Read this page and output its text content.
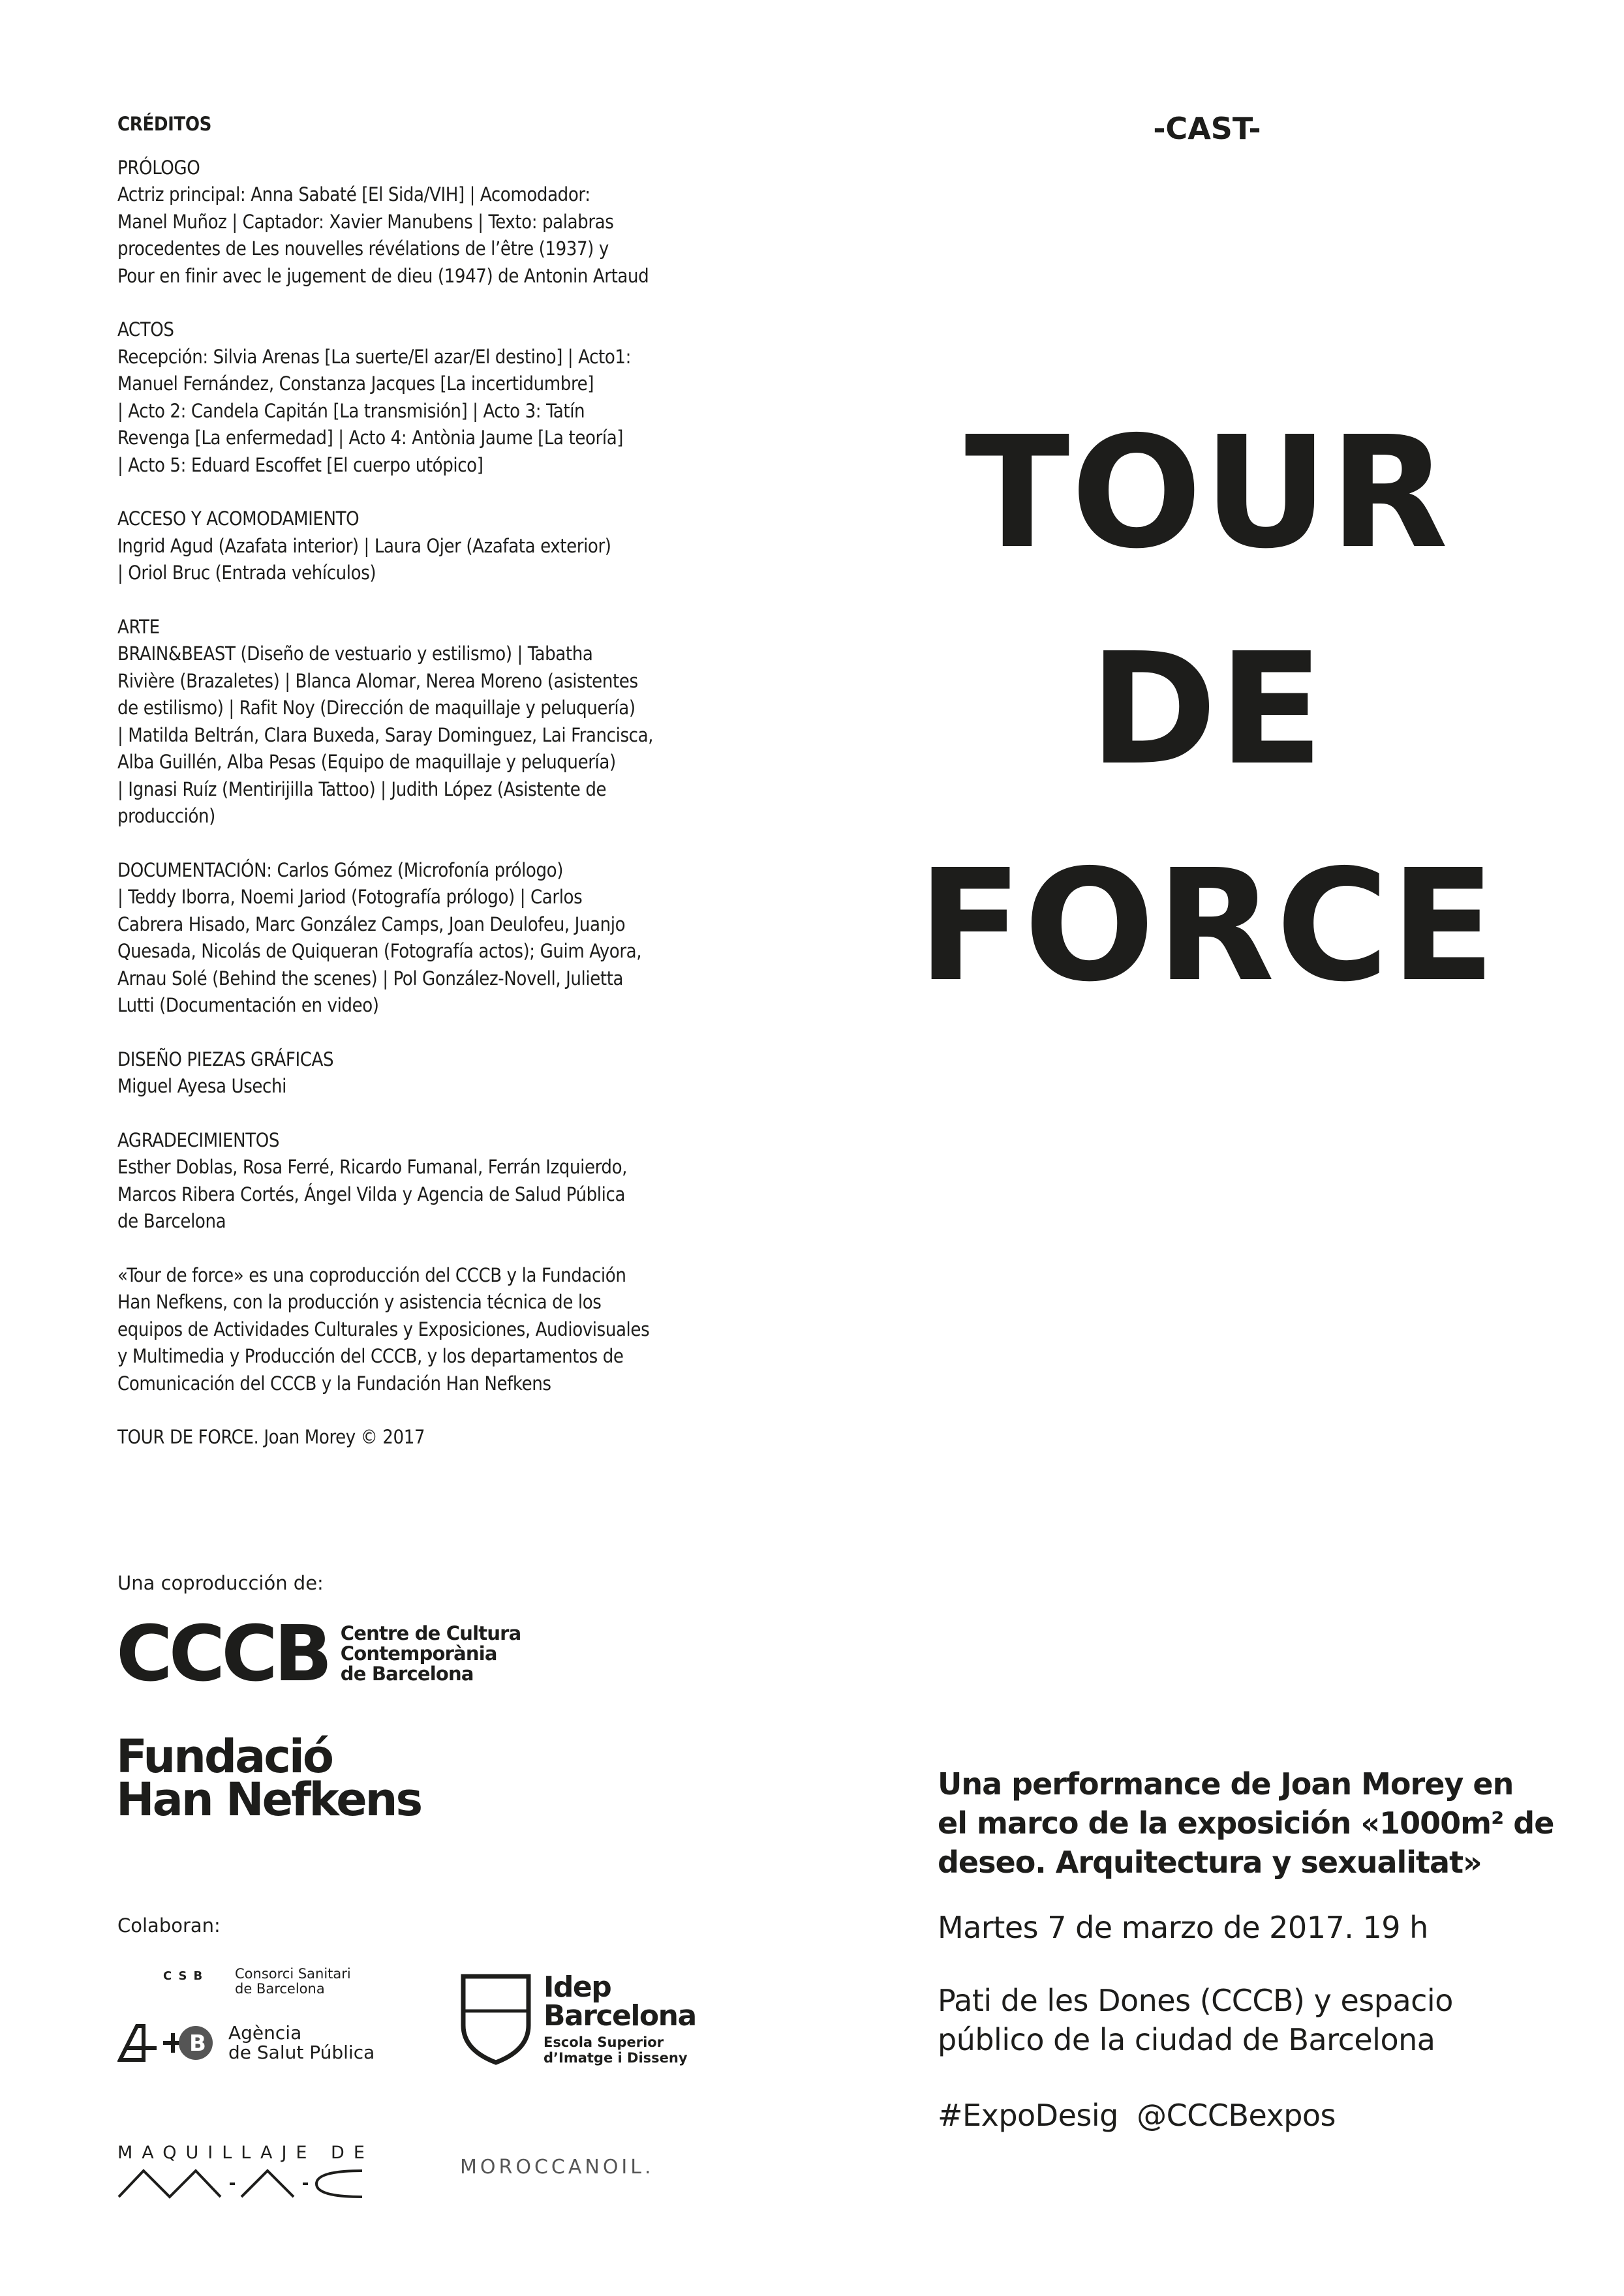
CRÉDITOS

PRÓLOGO

Actriz principal: Anna Sabaté [El Sida/VIH] | Acomodador:

Manel Muñoz | Captador: Xavier Manubens | Texto: palabras

procedentes de Les nouvelles révélations de l’être (1937) y

Pour en finir avec le jugement de dieu (1947) de Antonin Artaud

ACTOS

Recepción: Silvia Arenas [La suerte/El azar/El destino] | Acto1:

Manuel Fernández, Constanza Jacques [La incertidumbre]

| Acto 2: Candela Capitán [La transmisión] | Acto 3: Tatín

Revenga [La enfermedad] | Acto 4: Antònia Jaume [La teoría]

| Acto 5: Eduard Escoffet [El cuerpo utópico]

ACCESO Y ACOMODAMIENTO

Ingrid Agud (Azafata interior) | Laura Ojer (Azafata exterior)

| Oriol Bruc (Entrada vehículos)

ARTE

BRAIN&BEAST (Diseño de vestuario y estilismo) | Tabatha

Rivière (Brazaletes) | Blanca Alomar, Nerea Moreno (asistentes

de estilismo) | Rafit Noy (Dirección de maquillaje y peluquería)

| Matilda Beltrán, Clara Buxeda, Saray Dominguez, Lai Francisca,

Alba Guillén, Alba Pesas (Equipo de maquillaje y peluquería)

| Ignasi Ruíz (Mentirijilla Tattoo) | Judith López (Asistente de

producción)

DOCUMENTACIÓN: Carlos Gómez (Microfonía prólogo)

| Teddy Iborra, Noemi Jariod (Fotografía prólogo) | Carlos

Cabrera Hisado, Marc González Camps, Joan Deulofeu, Juanjo

Quesada, Nicolás de Quiqueran (Fotografía actos); Guim Ayora,

Arnau Solé (Behind the scenes) | Pol González-Novell, Julietta

Lutti (Documentación en video)

DISEÑO PIEZAS GRÁFICAS

Miguel Ayesa Usechi

AGRADECIMIENTOS

Esther Doblas, Rosa Ferré, Ricardo Fumanal, Ferrán Izquierdo,

Marcos Ribera Cortés, Ángel Vilda y Agencia de Salud Pública

de Barcelona

«Tour de force» es una coproducción del CCCB y la Fundación

Han Nefkens, con la producción y asistencia técnica de los

equipos de Actividades Culturales y Exposiciones, Audiovisuales

y Multimedia y Producción del CCCB, y los departamentos de

Comunicación del CCCB y la Fundación Han Nefkens

TOUR DE FORCE. Joan Morey © 2017

-CAST-
TOUR
DE
FORCE
Una coproducción de:
CCCB Centre de Cultura
Contemporània
de Barcelona
Fundació
Han Nefkens
Colaboran:
CSB	Consorci Sanitari
de Barcelona
B Agència
de Salut Pública
Idep
Barcelona
Escola Superior
d’Imatge i Disseny
MAQUILLAJE DE
MOROCCANOIL.
Una performance de Joan Morey en
el marco de la exposición «1000m² de
deseo. Arquitectura y sexualitat»
Martes 7 de marzo de 2017. 19 h
Pati de les Dones (CCCB) y espacio
público de la ciudad de Barcelona
#ExpoDesig  @CCCBexpos
